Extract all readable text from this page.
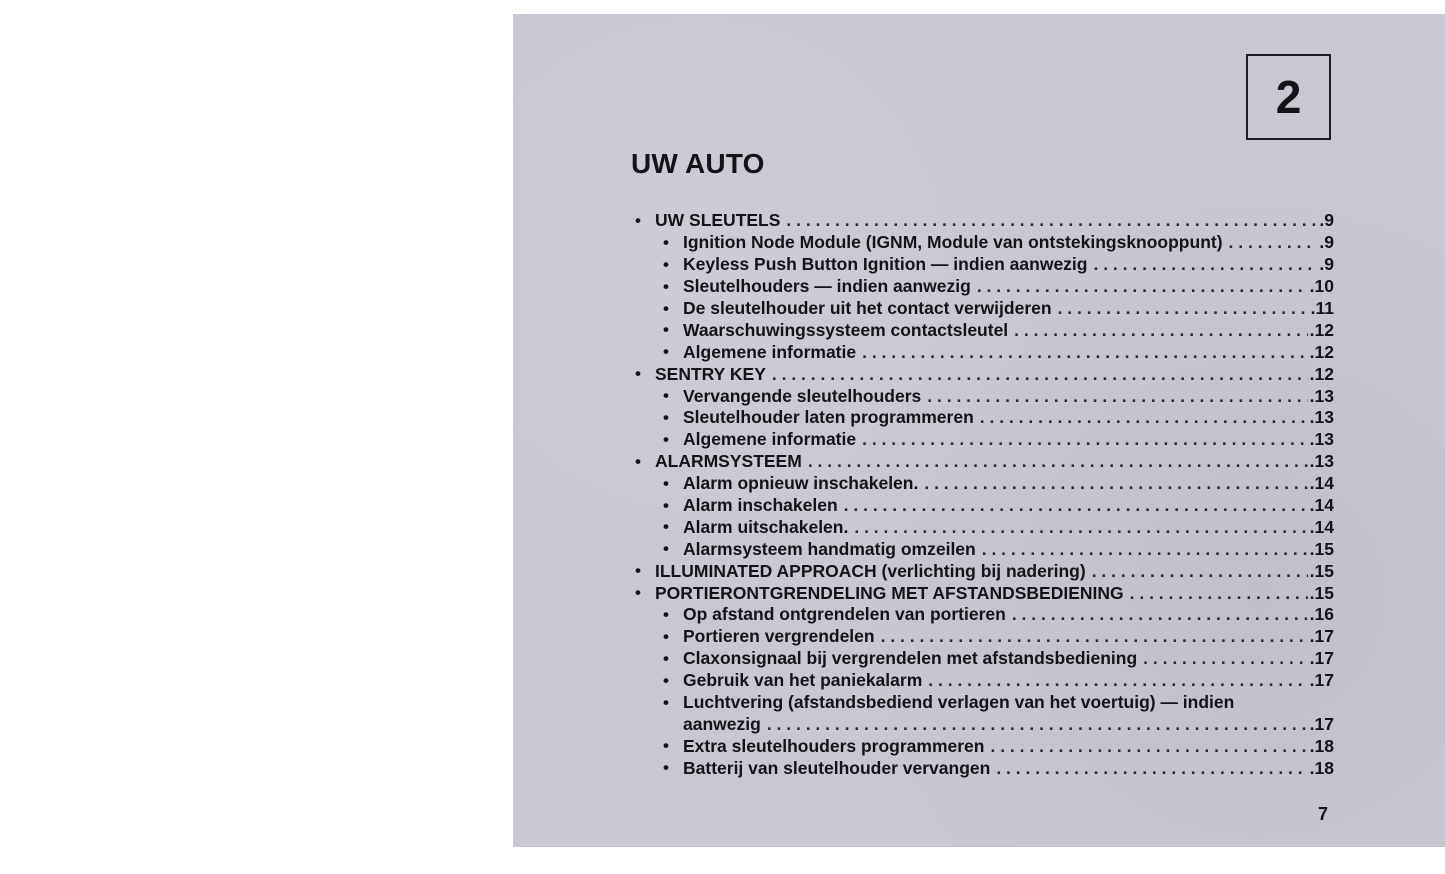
2
UW AUTO
• UW SLEUTELS . . .	.9
• Ignition Node Module (IGNM, Module van ontstekingsknooppunt) . . .	.9
• Keyless Push Button Ignition — indien aanwezig . . .	.9
• Sleutelhouders — indien aanwezig . . .	.10
• De sleutelhouder uit het contact verwijderen . . .	.11
• Waarschuwingssysteem contactsleutel . . .	.12
• Algemene informatie . . .	.12
• SENTRY KEY . . .	.12
• Vervangende sleutelhouders . . .	.13
• Sleutelhouder laten programmeren . . .	.13
• Algemene informatie . . .	.13
• ALARMSYSTEEM . . .	.13
• Alarm opnieuw inschakelen. . . .	.14
• Alarm inschakelen . . .	.14
• Alarm uitschakelen. . . .	.14
• Alarmsysteem handmatig omzeilen . . .	.15
• ILLUMINATED APPROACH (verlichting bij nadering) . . .	.15
• PORTIERONTGRENDELING MET AFSTANDSBEDIENING . . .	.15
• Op afstand ontgrendelen van portieren . . .	.16
• Portieren vergrendelen . . .	.17
• Claxonsignaal bij vergrendelen met afstandsbediening . . .	.17
• Gebruik van het paniekalarm . . .	.17
• Luchtvering (afstandsbediend verlagen van het voertuig) — indien
aanwezig . . .	.17
• Extra sleutelhouders programmeren . . .	.18
• Batterij van sleutelhouder vervangen . . .	.18
7
